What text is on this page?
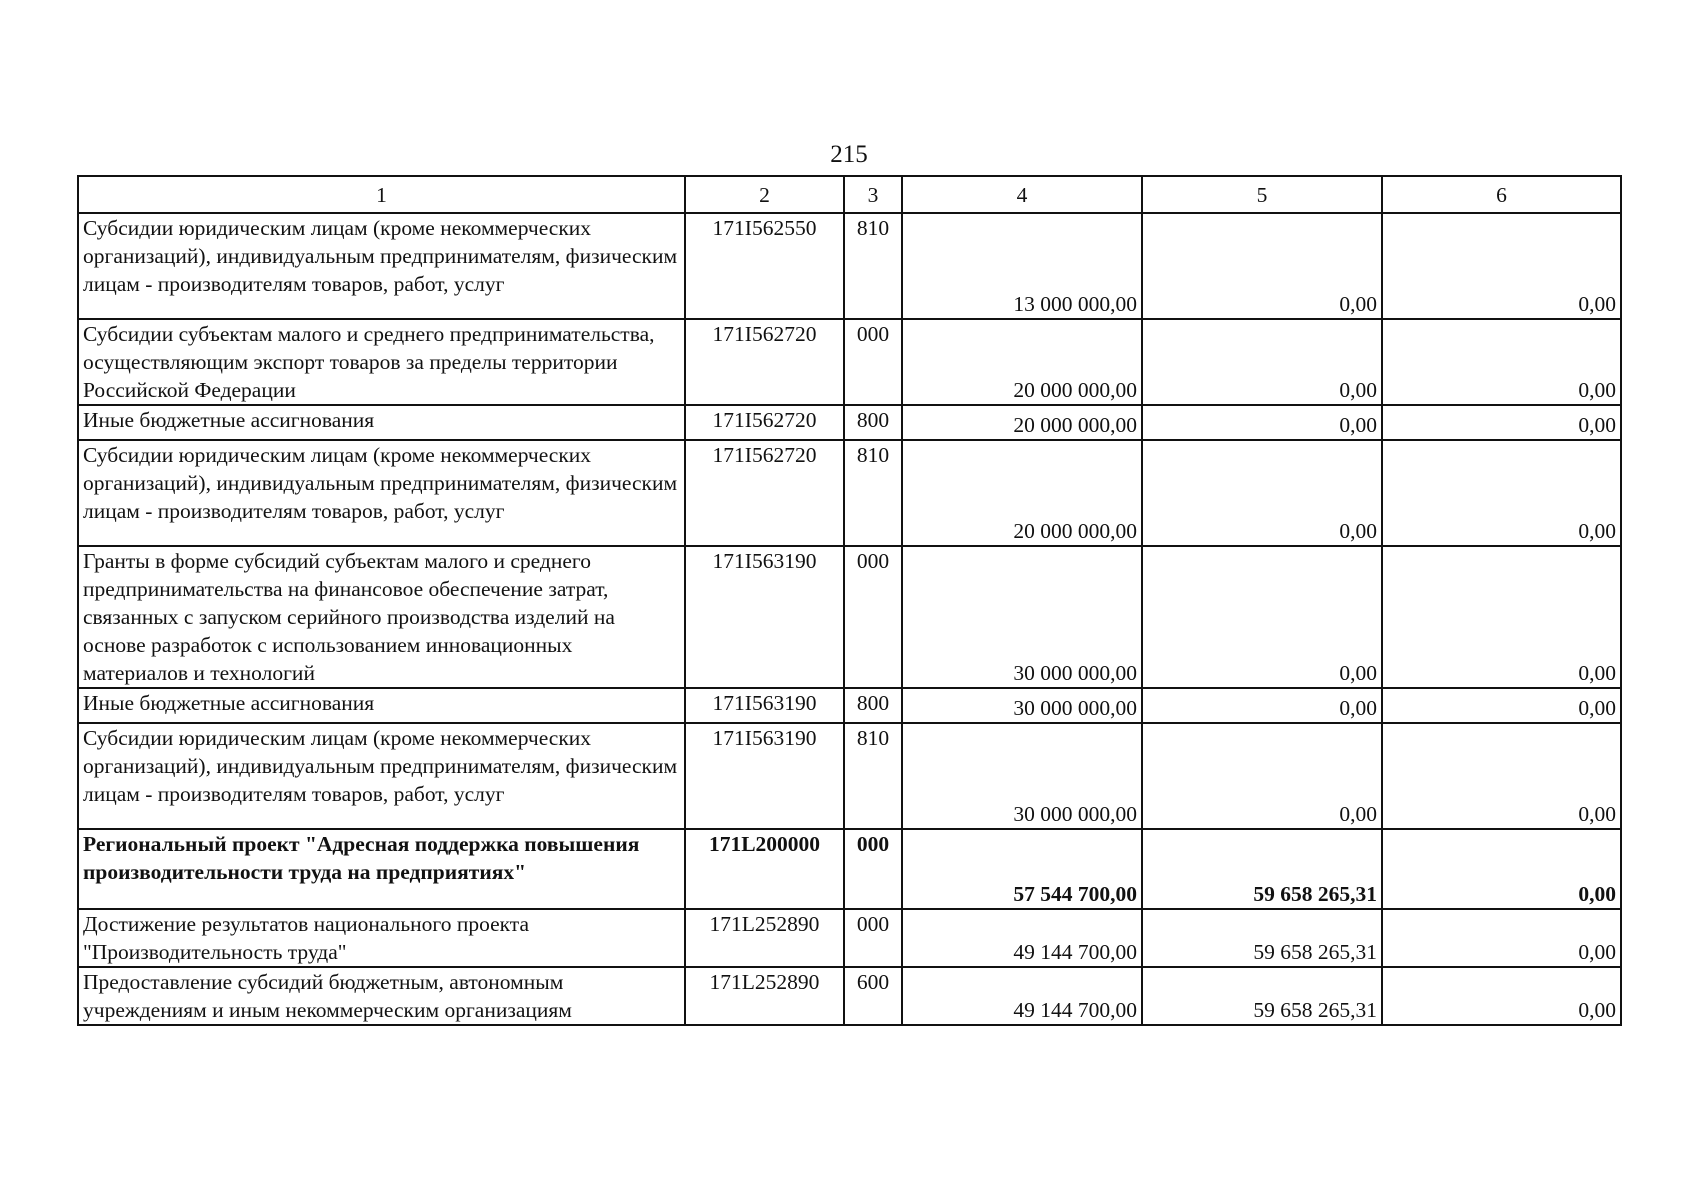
215
1	2	3	4	5	6
Субсидии юридическим лицам (кроме некоммерческих организаций), индивидуальным предпринимателям, физическим лицам - производителям товаров, работ, услуг	171I562550	810	13 000 000,00	0,00	0,00
Субсидии субъектам малого и среднего предпринимательства, осуществляющим экспорт товаров за пределы территории Российской Федерации	171I562720	000	20 000 000,00	0,00	0,00
Иные бюджетные ассигнования	171I562720	800	20 000 000,00	0,00	0,00
Субсидии юридическим лицам (кроме некоммерческих организаций), индивидуальным предпринимателям, физическим лицам - производителям товаров, работ, услуг	171I562720	810	20 000 000,00	0,00	0,00
Гранты в форме субсидий субъектам малого и среднего предпринимательства на финансовое обеспечение затрат, связанных с запуском серийного производства изделий на основе разработок с использованием инновационных материалов и технологий	171I563190	000	30 000 000,00	0,00	0,00
Иные бюджетные ассигнования	171I563190	800	30 000 000,00	0,00	0,00
Субсидии юридическим лицам (кроме некоммерческих организаций), индивидуальным предпринимателям, физическим лицам - производителям товаров, работ, услуг	171I563190	810	30 000 000,00	0,00	0,00
Региональный проект "Адресная поддержка повышения производительности труда на предприятиях"	171L200000	000	57 544 700,00	59 658 265,31	0,00
Достижение результатов национального проекта "Производительность труда"	171L252890	000	49 144 700,00	59 658 265,31	0,00
Предоставление субсидий бюджетным, автономным учреждениям и иным некоммерческим организациям	171L252890	600	49 144 700,00	59 658 265,31	0,00
